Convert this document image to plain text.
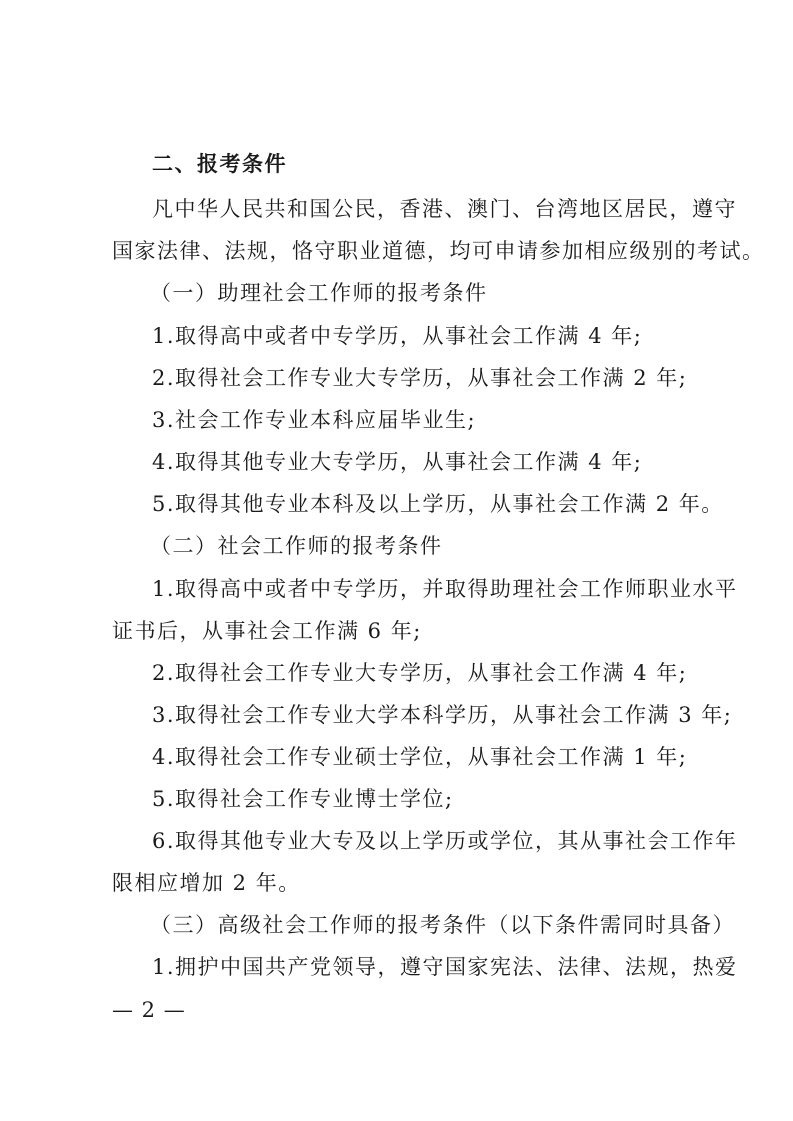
二、报考条件
凡中华人民共和国公民，香港、澳门、台湾地区居民，遵守
国家法律、法规，恪守职业道德，均可申请参加相应级别的考试。
（一）助理社会工作师的报考条件
1.取得高中或者中专学历，从事社会工作满 4 年;
2.取得社会工作专业大专学历，从事社会工作满 2 年;
3.社会工作专业本科应届毕业生;
4.取得其他专业大专学历，从事社会工作满 4 年;
5.取得其他专业本科及以上学历，从事社会工作满 2 年。
（二）社会工作师的报考条件
1.取得高中或者中专学历，并取得助理社会工作师职业水平
证书后，从事社会工作满 6 年;
2.取得社会工作专业大专学历，从事社会工作满 4 年;
3.取得社会工作专业大学本科学历，从事社会工作满 3 年;
4.取得社会工作专业硕士学位，从事社会工作满 1 年;
5.取得社会工作专业博士学位;
6.取得其他专业大专及以上学历或学位，其从事社会工作年
限相应增加 2 年。
（三）高级社会工作师的报考条件（以下条件需同时具备）
1.拥护中国共产党领导，遵守国家宪法、法律、法规，热爱
— 2 —
